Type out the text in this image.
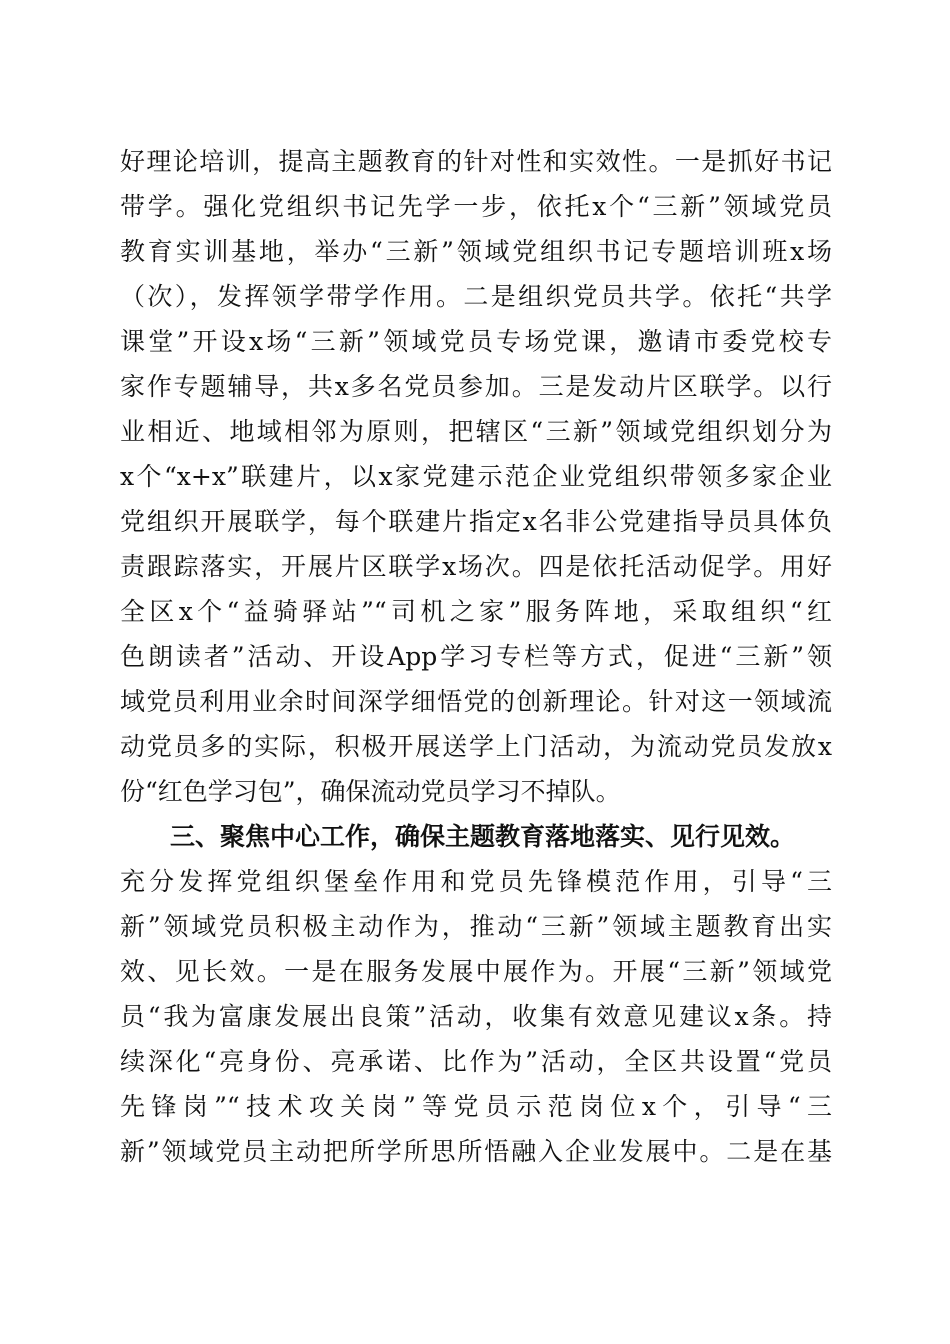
好理论培训，提高主题教育的针对性和实效性。一是抓好书记
带学。强化党组织书记先学一步，依托x个“三新”领域党员
教育实训基地，举办“三新”领域党组织书记专题培训班x场
（次），发挥领学带学作用。二是组织党员共学。依托“共学
课堂”开设x场“三新”领域党员专场党课，邀请市委党校专
家作专题辅导，共x多名党员参加。三是发动片区联学。以行
业相近、地域相邻为原则，把辖区“三新”领域党组织划分为
x个“x+x”联建片，以x家党建示范企业党组织带领多家企业
党组织开展联学，每个联建片指定x名非公党建指导员具体负
责跟踪落实，开展片区联学x场次。四是依托活动促学。用好
全区x个“益骑驿站”“司机之家”服务阵地，采取组织“红
色朗读者”活动、开设App学习专栏等方式，促进“三新”领
域党员利用业余时间深学细悟党的创新理论。针对这一领域流
动党员多的实际，积极开展送学上门活动，为流动党员发放x
份“红色学习包”，确保流动党员学习不掉队。
三、聚焦中心工作，确保主题教育落地落实、见行见效。
充分发挥党组织堡垒作用和党员先锋模范作用，引导“三
新”领域党员积极主动作为，推动“三新”领域主题教育出实
效、见长效。一是在服务发展中展作为。开展“三新”领域党
员“我为富康发展出良策”活动，收集有效意见建议x条。持
续深化“亮身份、亮承诺、比作为”活动，全区共设置“党员
先锋岗”“技术攻关岗”等党员示范岗位x个，引导“三
新”领域党员主动把所学所思所悟融入企业发展中。二是在基
